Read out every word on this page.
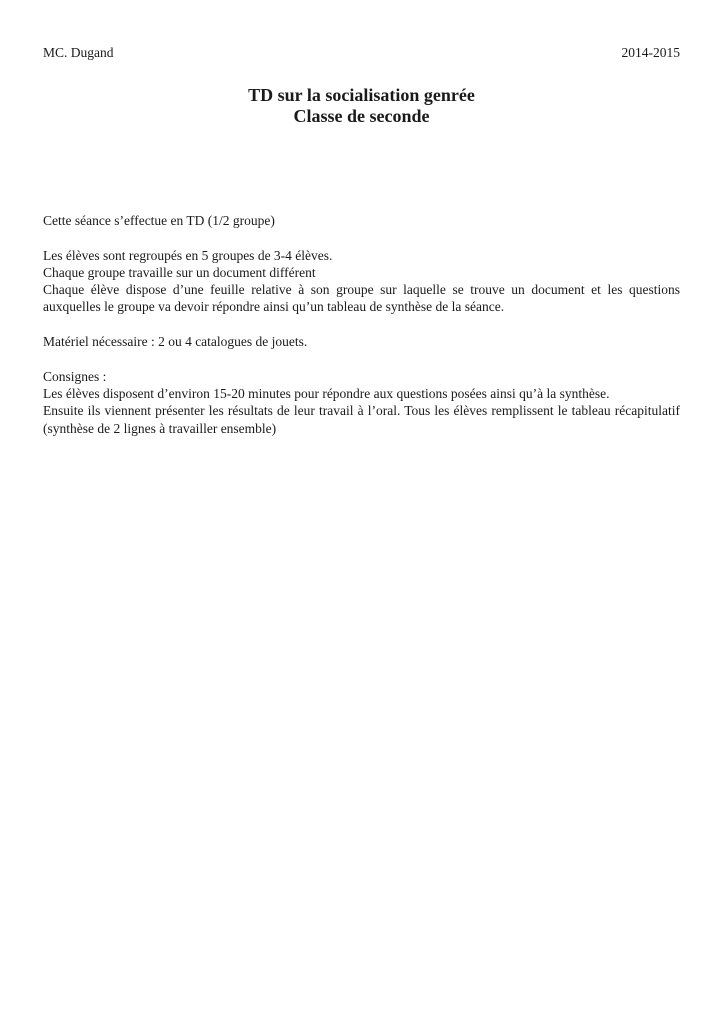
MC. Dugand	2014-2015
TD sur la socialisation genrée
Classe de seconde

Cette séance s’effectue en TD (1/2 groupe)

Les élèves sont regroupés en 5 groupes de 3-4 élèves.

Chaque groupe travaille sur un document différent

Chaque élève dispose d’une feuille relative à son groupe sur laquelle se trouve un document et les questions auxquelles le groupe va devoir répondre ainsi qu’un tableau de synthèse de la séance.

Matériel nécessaire : 2 ou 4 catalogues de jouets.

Consignes :

Les élèves disposent d’environ 15-20 minutes pour répondre aux questions posées ainsi qu’à la synthèse.

Ensuite ils viennent présenter les résultats de leur travail à l’oral. Tous les élèves remplissent le tableau récapitulatif (synthèse de 2 lignes à travailler ensemble)
